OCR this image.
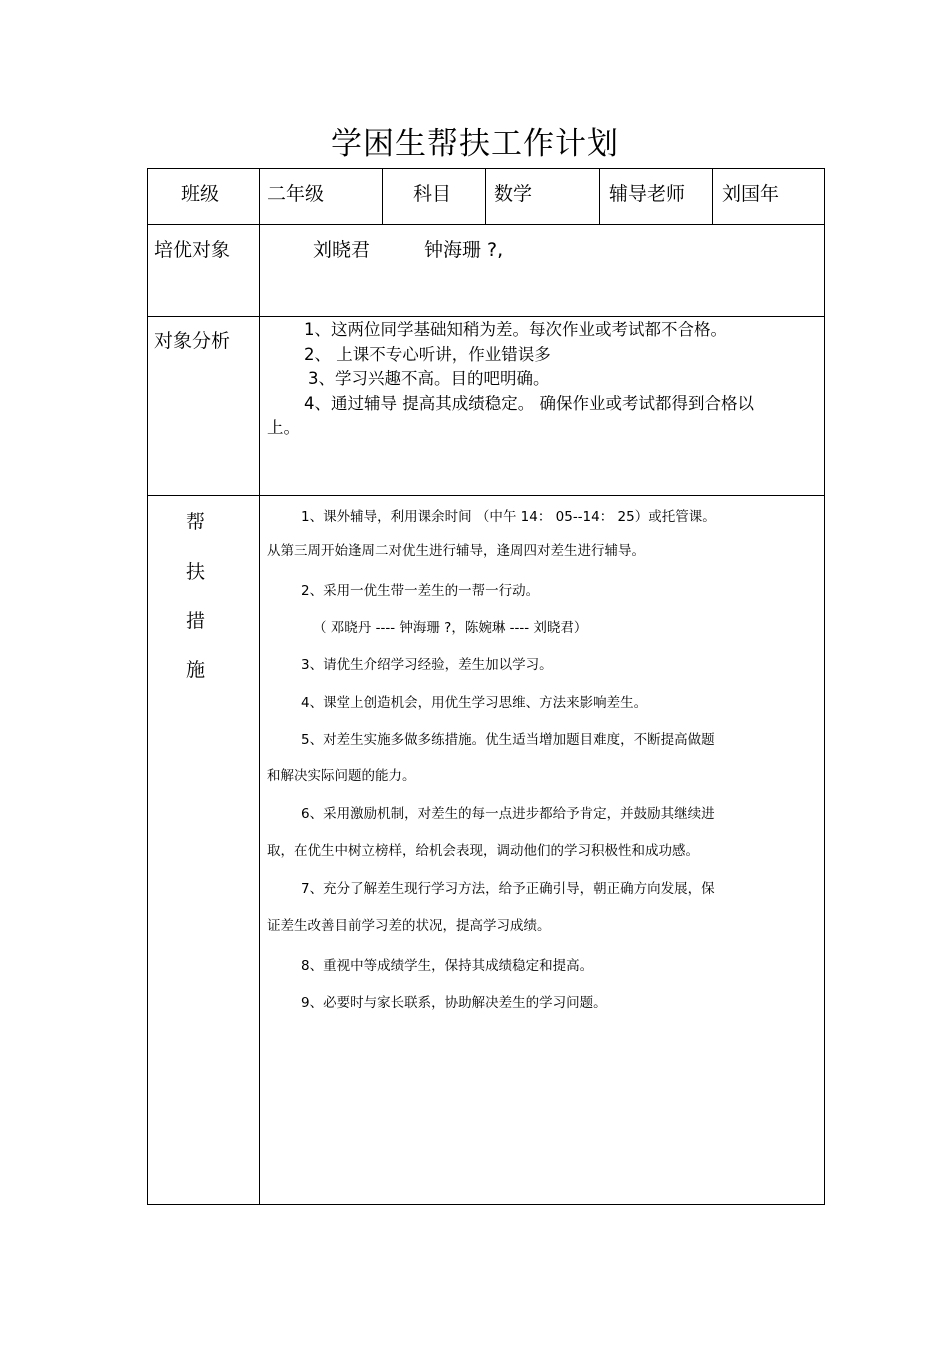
学困生帮扶工作计划
班级	二年级	科目 数学	辅导老师 刘国年
培优对象	刘晓君	钟海珊 ?,
对象分析
1、这两位同学基础知稍为差。每次作业或考试都不合格。
2、 上课不专心听讲，作业错误多
3、学习兴趣不高。目的吧明确。
4、通过辅导 提高其成绩稳定。 确保作业或考试都得到合格以
上。
帮
扶
措
施
1、课外辅导，利用课余时间 （中午 14： 05--14： 25）或托管课。
从第三周开始逢周二对优生进行辅导，逢周四对差生进行辅导。
2、采用一优生带一差生的一帮一行动。
（ 邓晓丹 ---- 钟海珊 ?，陈婉琳 ---- 刘晓君）
3、请优生介绍学习经验，差生加以学习。
4、课堂上创造机会，用优生学习思维、方法来影响差生。
5、对差生实施多做多练措施。优生适当增加题目难度，不断提高做题
和解决实际问题的能力。
6、采用激励机制，对差生的每一点进步都给予肯定，并鼓励其继续进
取，在优生中树立榜样，给机会表现，调动他们的学习积极性和成功感。
7、充分了解差生现行学习方法，给予正确引导，朝正确方向发展，保
证差生改善目前学习差的状况，提高学习成绩。
8、重视中等成绩学生，保持其成绩稳定和提高。
9、必要时与家长联系，协助解决差生的学习问题。
